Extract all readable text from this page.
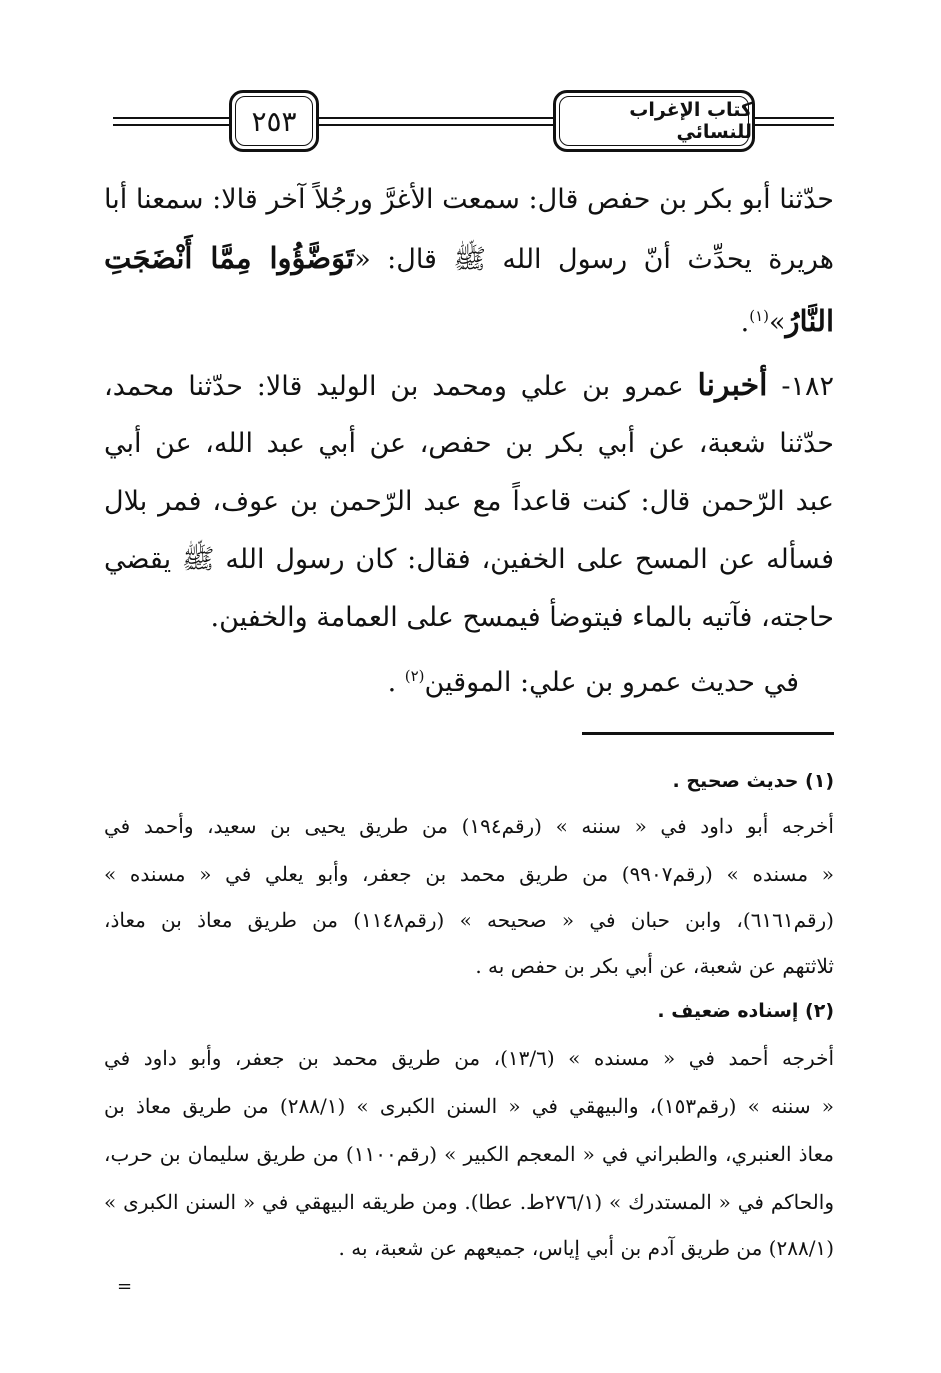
٢٥٣	كتاب الإغراب للنسائي
حدّثنا أبو بكر بن حفص قال: سمعت الأغرَّ ورجُلاً آخر قالا: سمعنا أبا
هريرة يحدِّث أنّ رسول الله ﷺ قال: «تَوَضَّؤُوا مِمَّا أَنْضَجَتِ
النَّارُ»$^{(١)}$.
١٨٢- أخبرنا عمرو بن علي ومحمد بن الوليد قالا: حدّثنا محمد،
حدّثنا شعبة، عن أبي بكر بن حفص، عن أبي عبد الله، عن أبي
عبد الرّحمن قال: كنت قاعداً مع عبد الرّحمن بن عوف، فمر بلال
فسأله عن المسح على الخفين، فقال: كان رسول الله ﷺ يقضي
حاجته، فآتيه بالماء فيتوضأ فيمسح على العمامة والخفين.
في حديث عمرو بن علي: الموقين$^{(٢)}$ .
(١) حديث صحيح .
أخرجه أبو داود في « سننه » (رقم١٩٤) من طريق يحيى بن سعيد، وأحمد في
« مسنده » (رقم٩٩٠٧) من طريق محمد بن جعفر، وأبو يعلي في « مسنده »
(رقم٦١٦١)، وابن حبان في « صحيحه » (رقم١١٤٨) من طريق معاذ بن معاذ،
ثلاثتهم عن شعبة، عن أبي بكر بن حفص به .
(٢) إسناده ضعيف .
أخرجه أحمد في « مسنده » (١٣/٦)، من طريق محمد بن جعفر، وأبو داود في
« سننه » (رقم١٥٣)، والبيهقي في « السنن الكبرى » (٢٨٨/١) من طريق معاذ بن
معاذ العنبري، والطبراني في « المعجم الكبير » (رقم١١٠٠) من طريق سليمان بن حرب،
والحاكم في « المستدرك » (٢٧٦/١ط. عطا). ومن طريقه البيهقي في « السنن الكبرى »
(٢٨٨/١) من طريق آدم بن أبي إياس، جميعهم عن شعبة، به .
=
